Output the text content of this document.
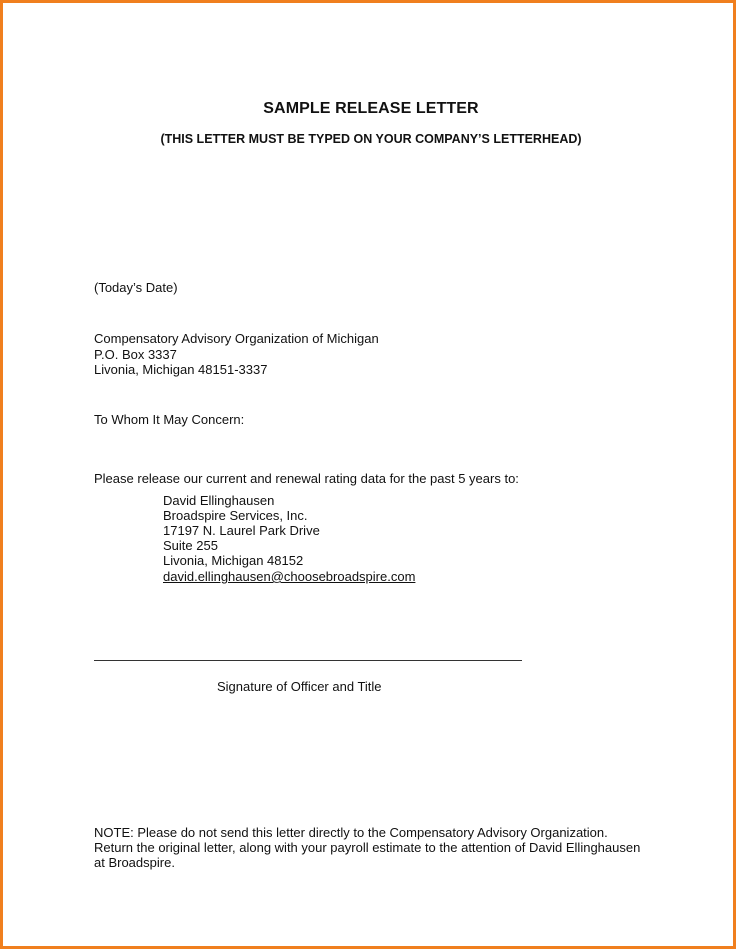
SAMPLE RELEASE LETTER
(THIS LETTER MUST BE TYPED ON YOUR COMPANY’S LETTERHEAD)
(Today’s Date)
Compensatory Advisory Organization of Michigan
P.O. Box 3337
Livonia, Michigan 48151-3337
To Whom It May Concern:
Please release our current and renewal rating data for the past 5 years to:
David Ellinghausen
Broadspire Services, Inc.
17197 N. Laurel Park Drive
Suite 255
Livonia, Michigan 48152
david.ellinghausen@choosebroadspire.com
Signature of Officer and Title
NOTE: Please do not send this letter directly to the Compensatory Advisory Organization.
Return the original letter, along with your payroll estimate to the attention of David Ellinghausen
at Broadspire.
